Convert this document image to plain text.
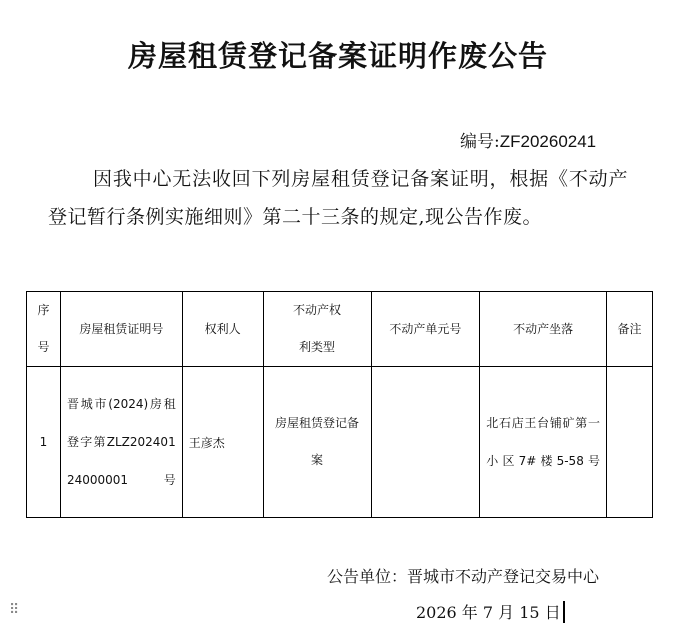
房屋租赁登记备案证明作废公告
编号:ZF20260241
因我中心无法收回下列房屋租赁登记备案证明，根据《不动产登记暂行条例实施细则》第二十三条的规定,现公告作废。
序号	房屋租赁证明号	权利人	不动产权利类型	不动产单元号	不动产坐落	备注
1	晋城市(2024)房租登字第ZLZ20240124000001号	王彦杰	房屋租赁登记备案		北石店王台铺矿第一小区7#楼5-58号	

公告单位：晋城市不动产登记交易中心
2026 年 7 月 15 日
⠿
